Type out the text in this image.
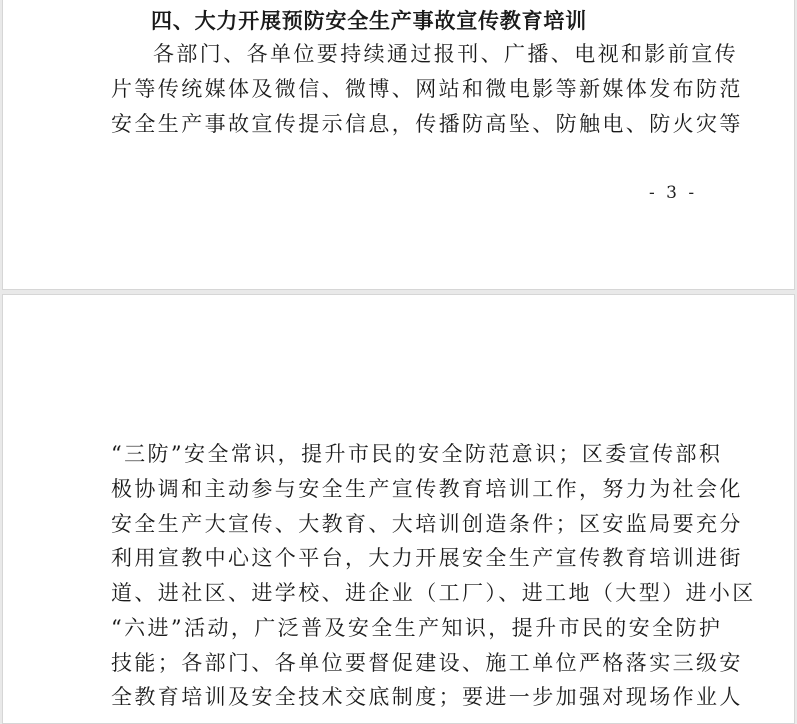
四、大力开展预防安全生产事故宣传教育培训
各部门、各单位要持续通过报刊、广播、电视和影前宣传
片等传统媒体及微信、微博、网站和微电影等新媒体发布防范
安全生产事故宣传提示信息，传播防高坠、防触电、防火灾等
- 3 -
“三防”安全常识，提升市民的安全防范意识；区委宣传部积
极协调和主动参与安全生产宣传教育培训工作，努力为社会化
安全生产大宣传、大教育、大培训创造条件；区安监局要充分
利用宣教中心这个平台，大力开展安全生产宣传教育培训进街
道、进社区、进学校、进企业（工厂）、进工地（大型）进小区
“六进”活动，广泛普及安全生产知识，提升市民的安全防护
技能；各部门、各单位要督促建设、施工单位严格落实三级安
全教育培训及安全技术交底制度；要进一步加强对现场作业人
